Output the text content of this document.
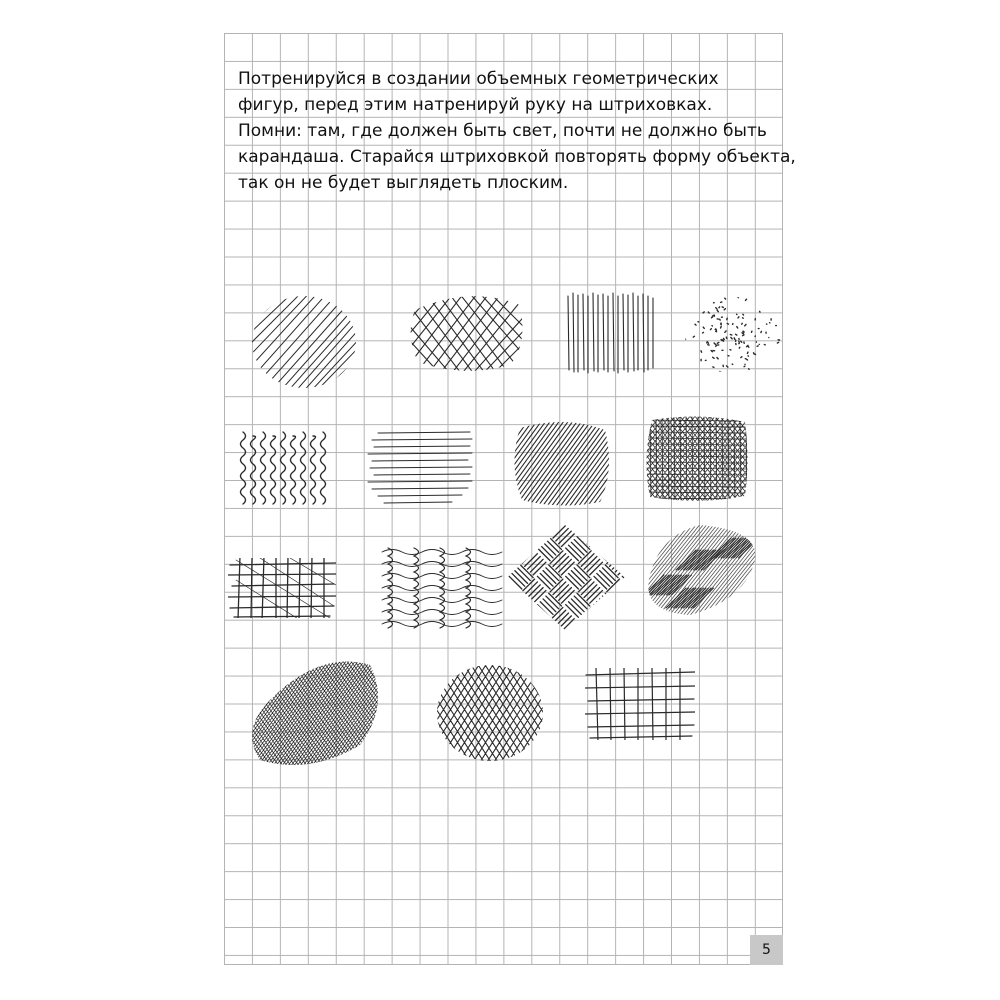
Потренируйся в создании объемных геометрических
фигур, перед этим натренируй руку на штриховках.
Помни: там, где должен быть свет, почти не должно быть
карандаша. Старайся штриховкой повторять форму объекта,
так он не будет выглядеть плоским.
5
